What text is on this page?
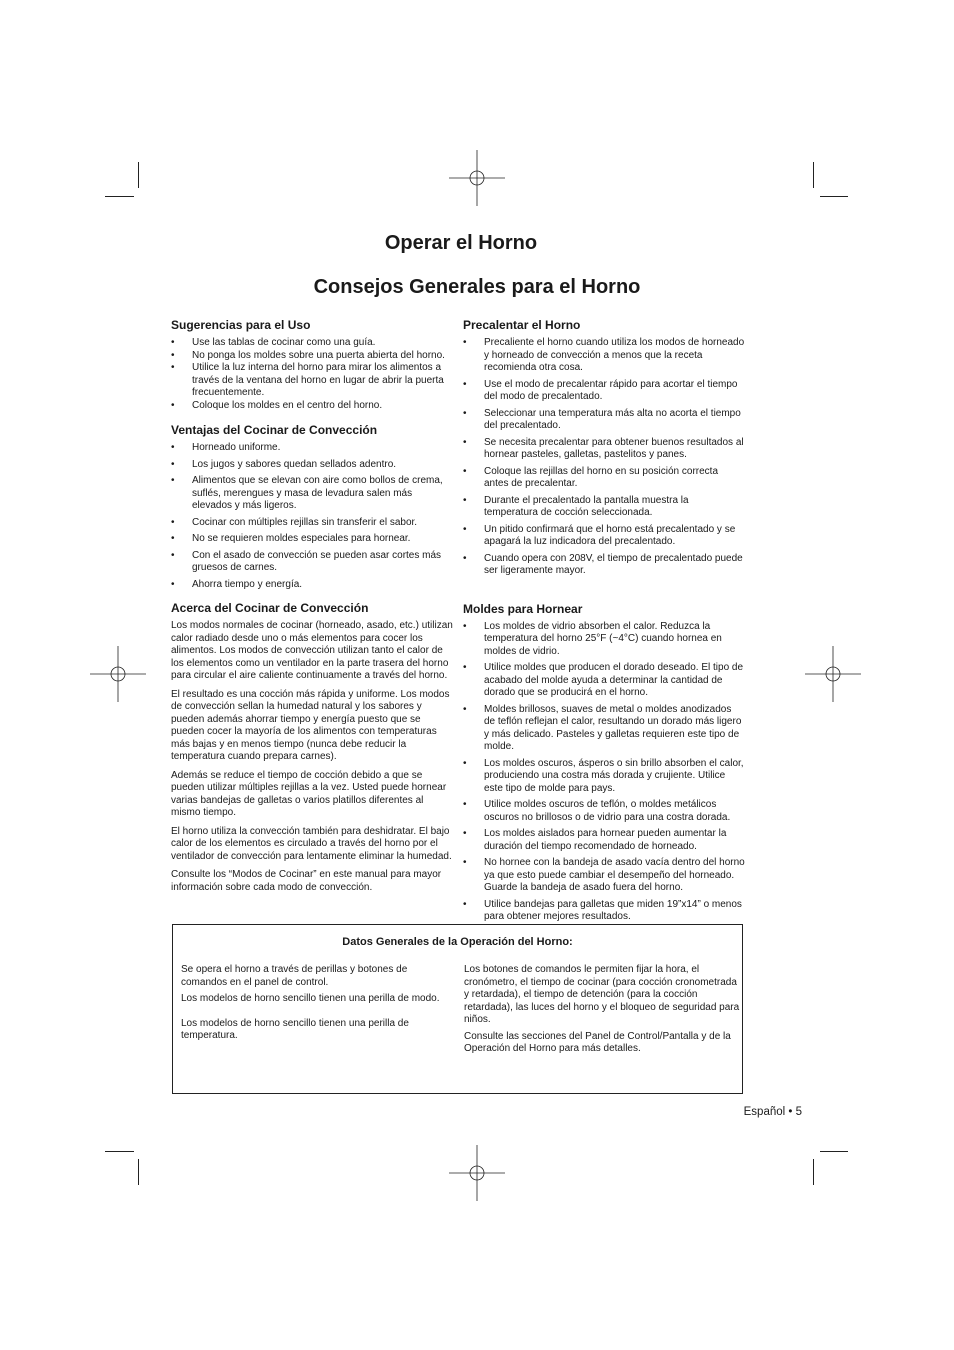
Operar el Horno
Consejos Generales para el Horno
Sugerencias para el Uso
• Use las tablas de cocinar como una guía.
• No ponga los moldes sobre una puerta abierta del horno.
• Utilice la luz interna del horno para mirar los alimentos a través de la ventana del horno en lugar de abrir la puerta frecuentemente.
• Coloque los moldes en el centro del horno.
Ventajas del Cocinar de Convección
• Horneado uniforme.
• Los jugos y sabores quedan sellados adentro.
• Alimentos que se elevan con aire como bollos de crema, suflés, merengues y masa de levadura salen más elevados y más ligeros.
• Cocinar con múltiples rejillas sin transferir el sabor.
• No se requieren moldes especiales para hornear.
• Con el asado de convección se pueden asar cortes más gruesos de carnes.
• Ahorra tiempo y energía.
Acerca del Cocinar de Convección

Los modos normales de cocinar (horneado, asado, etc.) utilizan calor radiado desde uno o más elementos para cocer los alimentos. Los modos de convección utilizan tanto el calor de los elementos como un ventilador en la parte trasera del horno para circular el aire caliente continuamente a través del horno.

El resultado es una cocción más rápida y uniforme. Los modos de convección sellan la humedad natural y los sabores y pueden además ahorrar tiempo y energía puesto que se pueden cocer la mayoría de los alimentos con temperaturas más bajas y en menos tiempo (nunca debe reducir la temperatura cuando prepara carnes).

Además se reduce el tiempo de cocción debido a que se pueden utilizar múltiples rejillas a la vez. Usted puede hornear varias bandejas de galletas o varios platillos diferentes al mismo tiempo.

El horno utiliza la convección también para deshidratar. El bajo calor de los elementos es circulado a través del horno por el ventilador de convección para lentamente eliminar la humedad.

Consulte los “Modos de Cocinar” en este manual para mayor información sobre cada modo de convección.

Precalentar el Horno
• Precaliente el horno cuando utiliza los modos de horneado y horneado de convección a menos que la receta recomienda otra cosa.
• Use el modo de precalentar rápido para acortar el tiempo del modo de precalentado.
• Seleccionar una temperatura más alta no acorta el tiempo del precalentado.
• Se necesita precalentar para obtener buenos resultados al hornear pasteles, galletas, pastelitos y panes.
• Coloque las rejillas del horno en su posición correcta antes de precalentar.
• Durante el precalentado la pantalla muestra la temperatura de cocción seleccionada.
• Un pitido confirmará que el horno está precalentado y se apagará la luz indicadora del precalentado.
• Cuando opera con 208V, el tiempo de precalentado puede ser ligeramente mayor.
Moldes para Hornear
• Los moldes de vidrio absorben el calor. Reduzca la temperatura del horno 25°F (~4°C) cuando hornea en moldes de vidrio.
• Utilice moldes que producen el dorado deseado. El tipo de acabado del molde ayuda a determinar la cantidad de dorado que se producirá en el horno.
• Moldes brillosos, suaves de metal o moldes anodizados de teflón reflejan el calor, resultando un dorado más ligero y más delicado. Pasteles y galletas requieren este tipo de molde.
• Los moldes oscuros, ásperos o sin brillo absorben el calor, produciendo una costra más dorada y crujiente. Utilice este tipo de molde para pays.
• Utilice moldes oscuros de teflón, o moldes metálicos oscuros no brillosos o de vidrio para una costra dorada.
• Los moldes aislados para hornear pueden aumentar la duración del tiempo recomendado de horneado.
• No hornee con la bandeja de asado vacía dentro del horno ya que esto puede cambiar el desempeño del horneado. Guarde la bandeja de asado fuera del horno.
• Utilice bandejas para galletas que miden 19”x14” o menos para obtener mejores resultados.
Datos Generales de la Operación del Horno:

Se opera el horno a través de perillas y botones de comandos en el panel de control.

Los modelos de horno sencillo tienen una perilla de modo.

Los modelos de horno sencillo tienen una perilla de temperatura.

Los botones de comandos le permiten fijar la hora, el cronómetro, el tiempo de cocinar (para cocción cronometrada y retardada), el tiempo de detención (para la cocción retardada), las luces del horno y el bloqueo de seguridad para niños.

Consulte las secciones del Panel de Control/Pantalla y de la Operación del Horno para más detalles.

Español • 5
